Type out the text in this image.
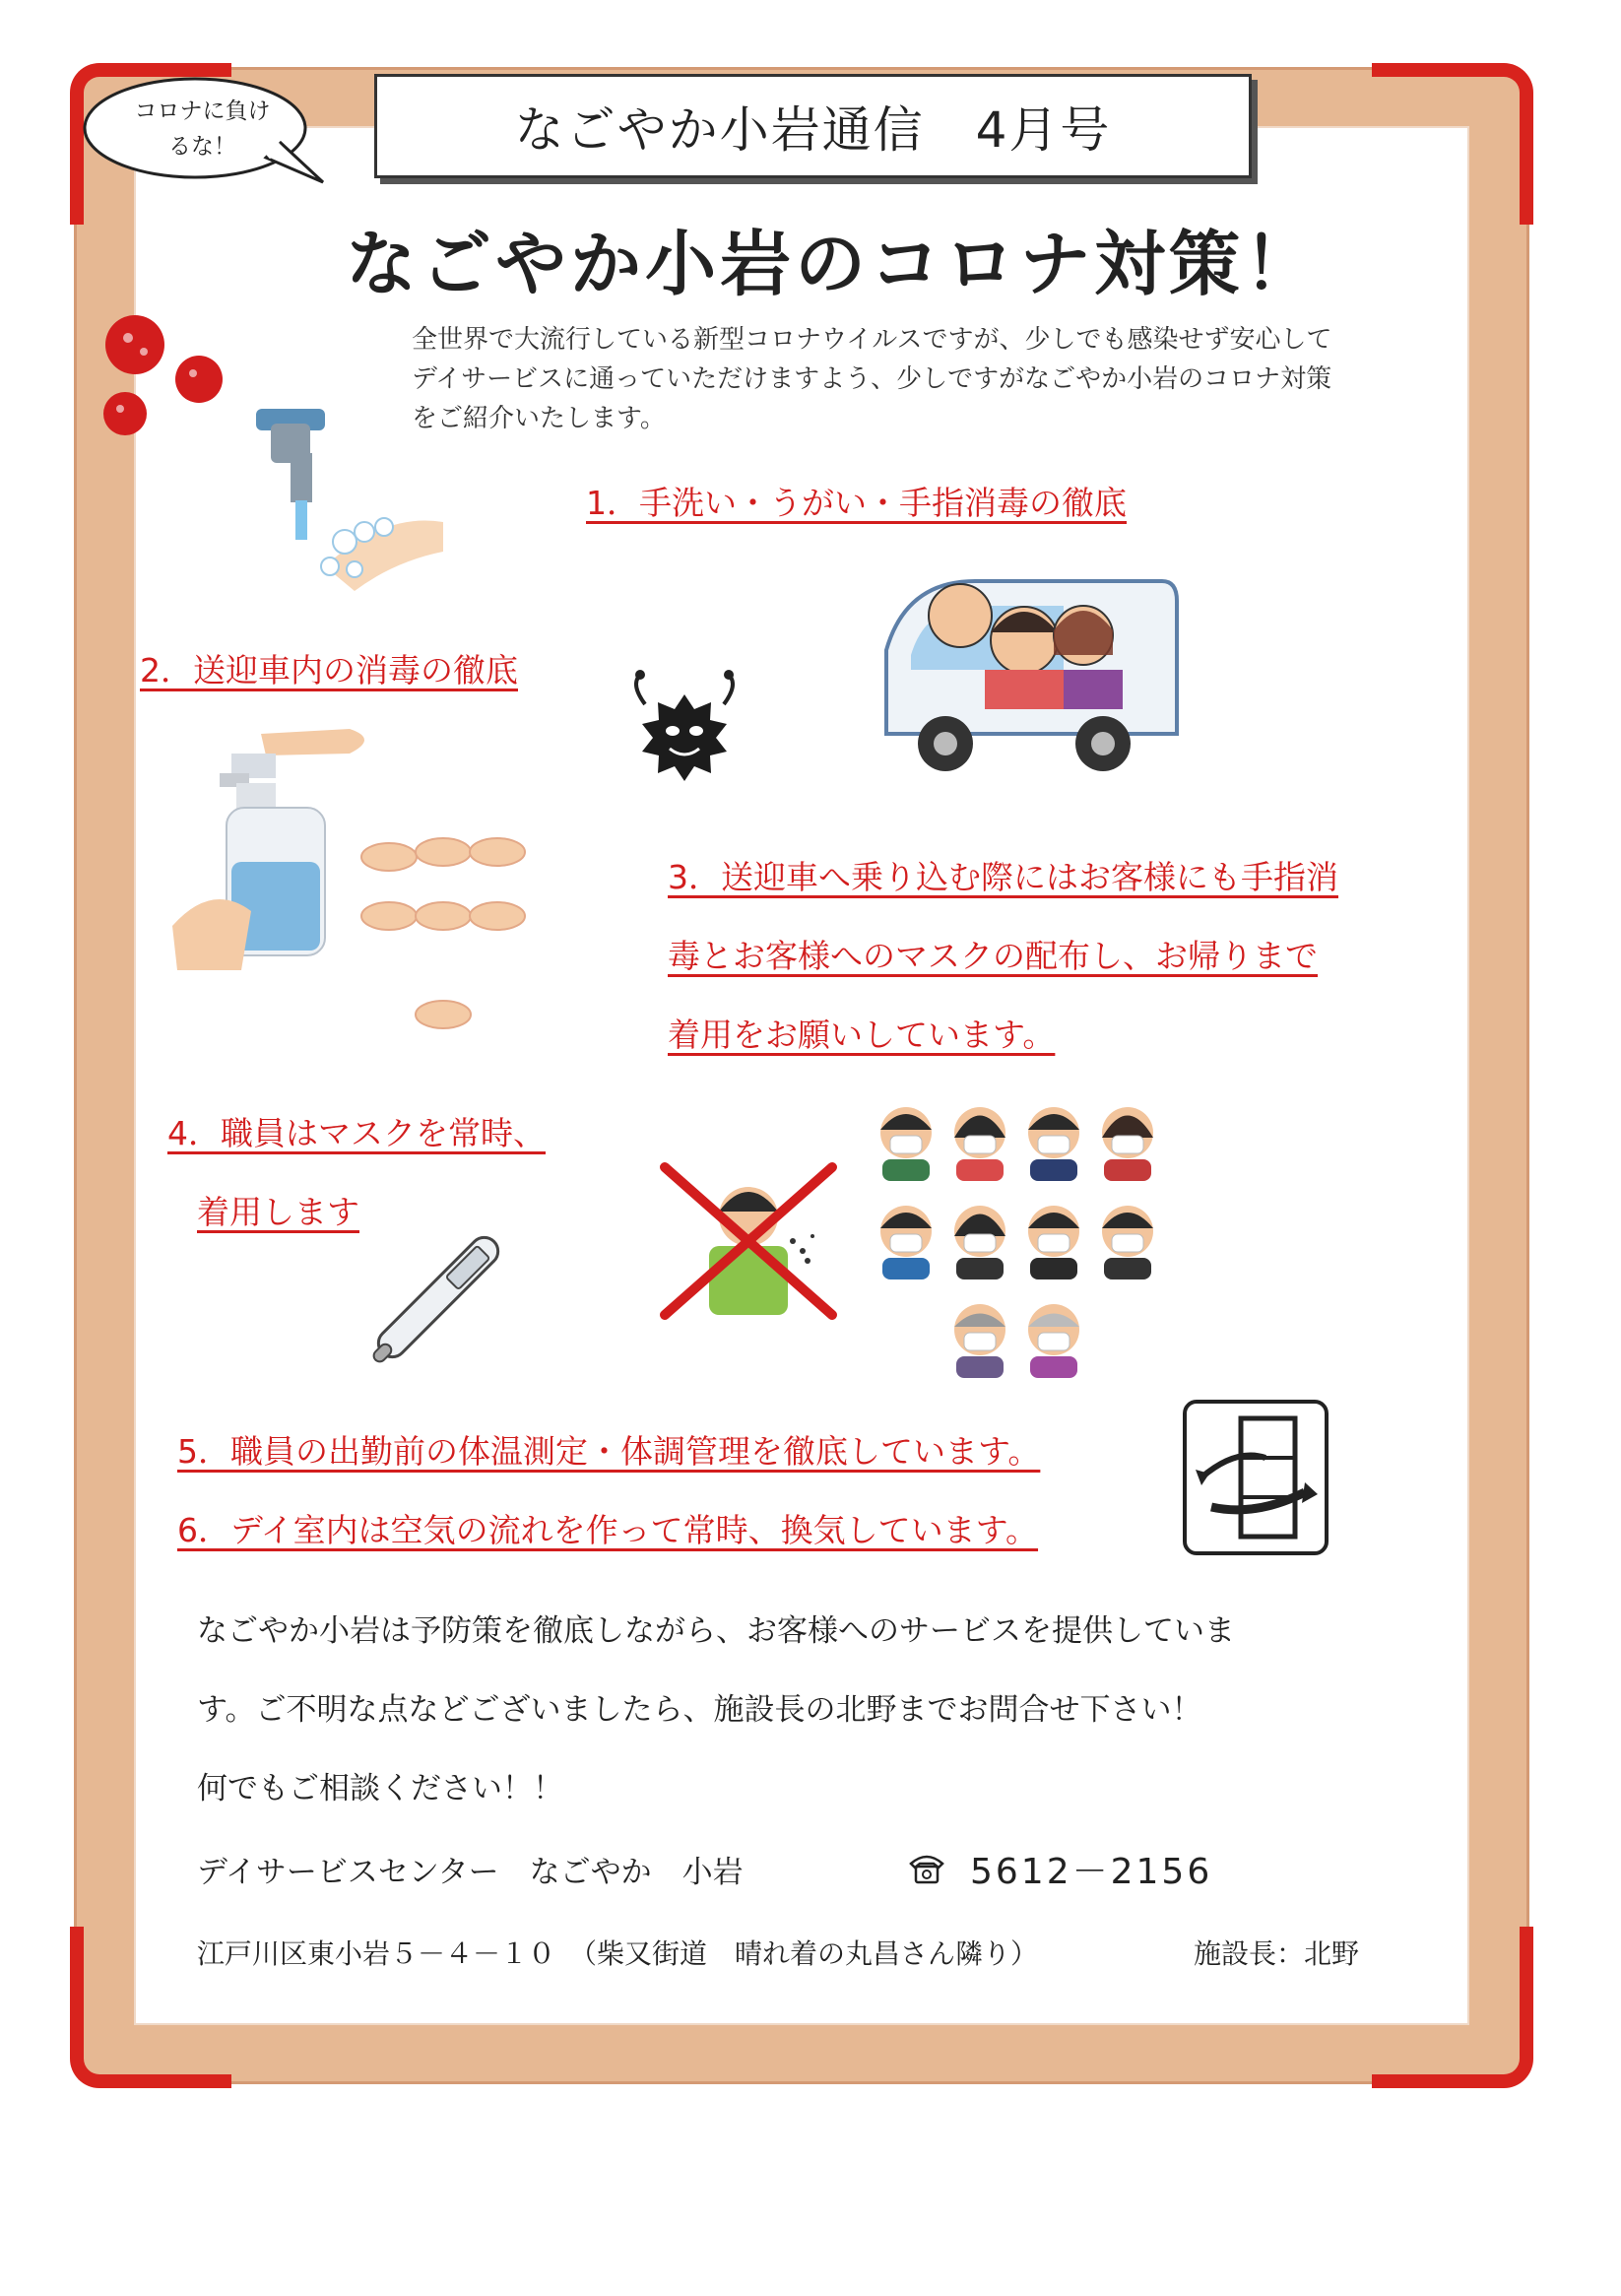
コロナに負け
るな！	なごやか小岩通信　4月号
なごやか小岩のコロナ対策！
全世界で大流行している新型コロナウイルスですが、少しでも感染せず安心して
デイサービスに通っていただけますよう、少しですがなごやか小岩のコロナ対策
をご紹介いたします。
1．手洗い・うがい・手指消毒の徹底
2．送迎車内の消毒の徹底
3．送迎車へ乗り込む際にはお客様にも手指消
毒とお客様へのマスクの配布し、お帰りまで
着用をお願いしています。
4．職員はマスクを常時、
着用します
5．職員の出勤前の体温測定・体調管理を徹底しています。
6．デイ室内は空気の流れを作って常時、換気しています。
なごやか小岩は予防策を徹底しながら、お客様へのサービスを提供していま
す。ご不明な点などございましたら、施設長の北野までお問合せ下さい！
何でもご相談ください！！
デイサービスセンター　なごやか　小岩	5612－2156
江戸川区東小岩５－４－１０　（柴又街道　晴れ着の丸昌さん隣り）	施設長：北野
